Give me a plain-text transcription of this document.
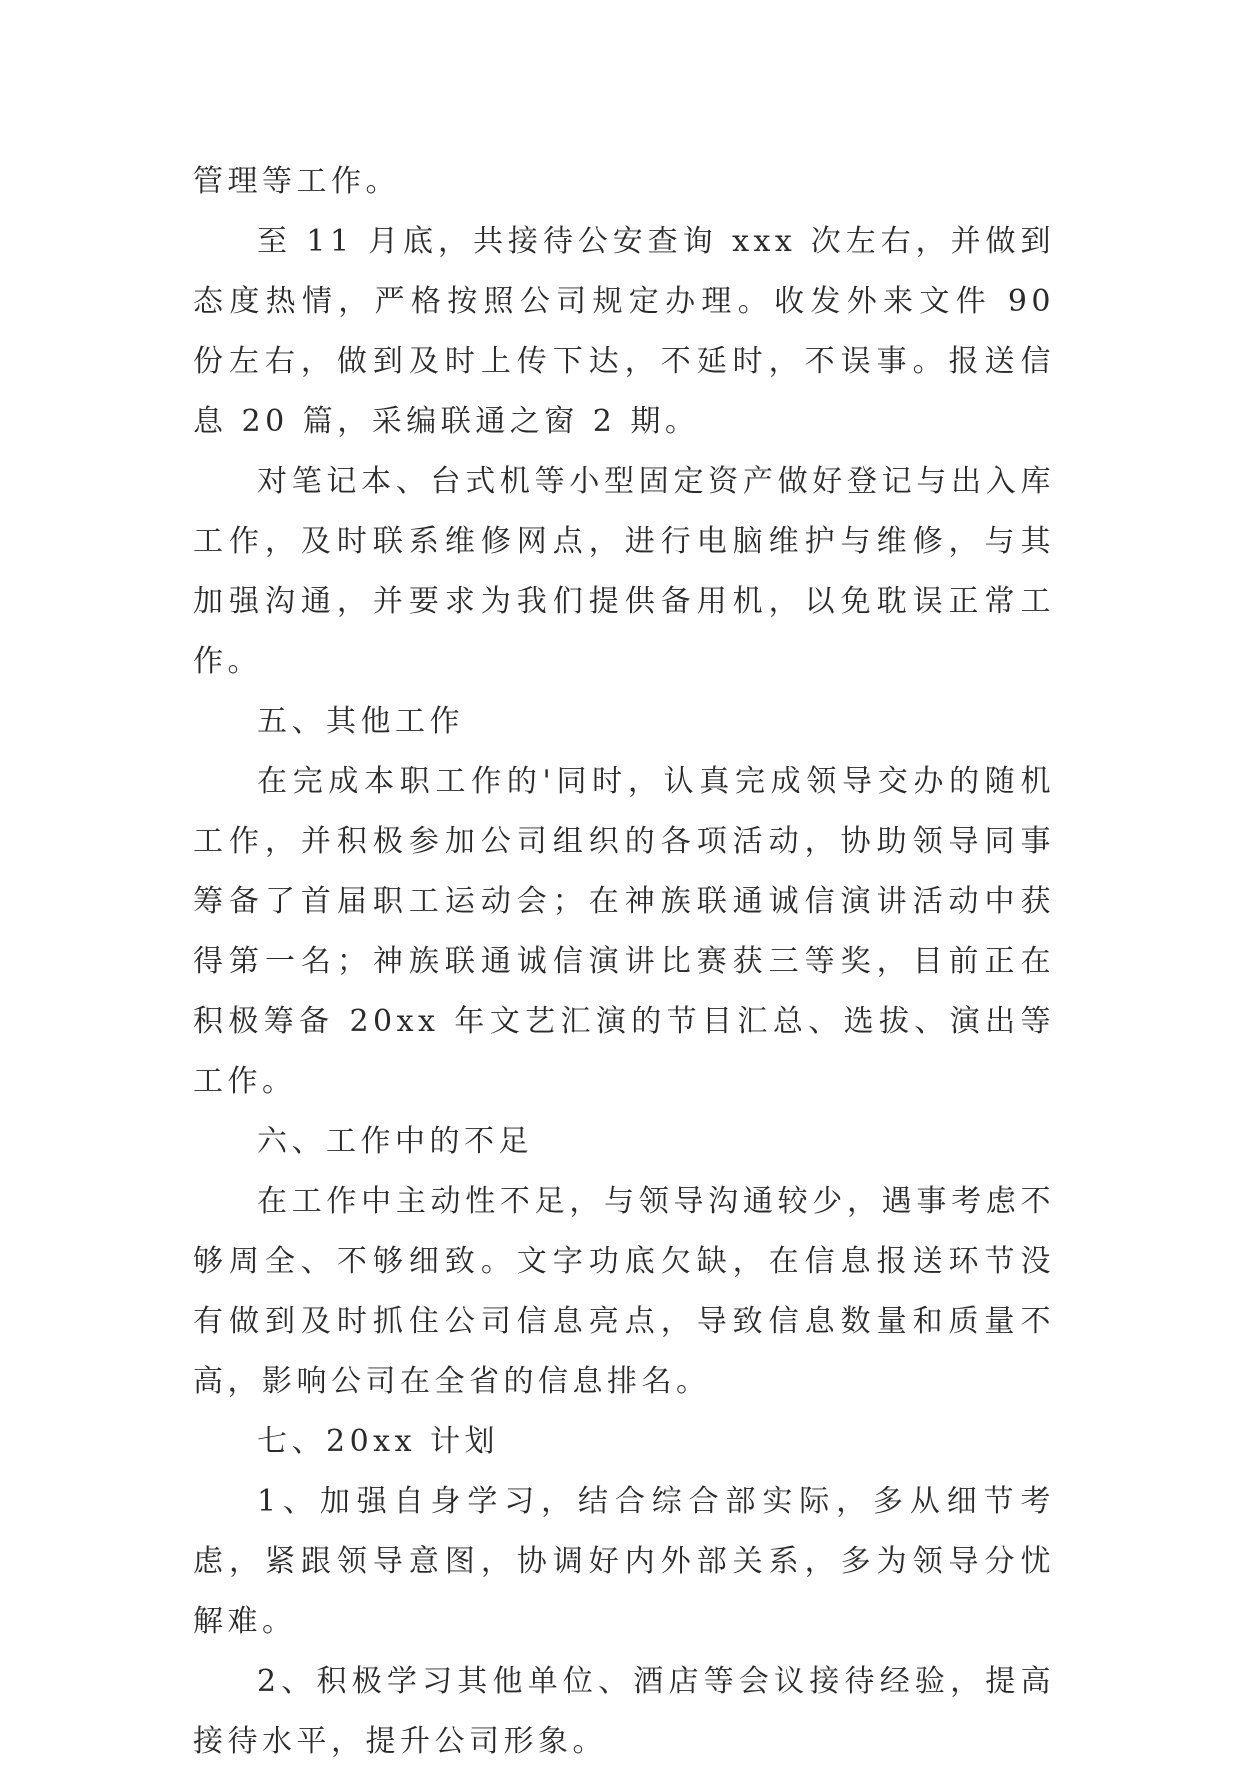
管理等工作。

至 11 月底，共接待公安查询 xxx 次左右，并做到态度热情，严格按照公司规定办理。收发外来文件 90 份左右，做到及时上传下达，不延时，不误事。报送信息 20 篇，采编联通之窗 2 期。

对笔记本、台式机等小型固定资产做好登记与出入库工作，及时联系维修网点，进行电脑维护与维修，与其加强沟通，并要求为我们提供备用机，以免耽误正常工作。

五、其他工作

在完成本职工作的'同时，认真完成领导交办的随机工作，并积极参加公司组织的各项活动，协助领导同事筹备了首届职工运动会；在神族联通诚信演讲活动中获得第一名；神族联通诚信演讲比赛获三等奖，目前正在积极筹备 20xx 年文艺汇演的节目汇总、选拔、演出等工作。

六、工作中的不足

在工作中主动性不足，与领导沟通较少，遇事考虑不够周全、不够细致。文字功底欠缺，在信息报送环节没有做到及时抓住公司信息亮点，导致信息数量和质量不高，影响公司在全省的信息排名。

七、20xx 计划

1、加强自身学习，结合综合部实际，多从细节考虑，紧跟领导意图，协调好内外部关系，多为领导分忧解难。

2、积极学习其他单位、酒店等会议接待经验，提高接待水平，提升公司形象。
